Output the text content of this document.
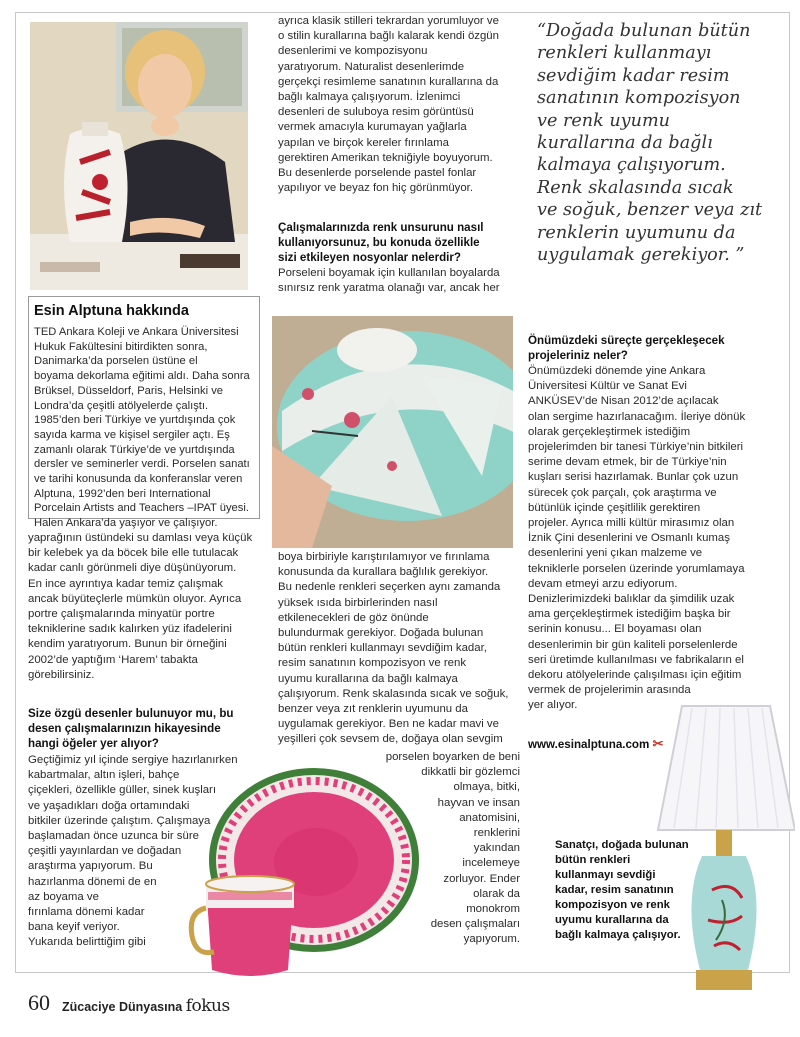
Esin Alptuna hakkında
TED Ankara Koleji ve Ankara Üniversitesi
Hukuk Fakültesini bitirdikten sonra,
Danimarka’da porselen üstüne el
boyama dekorlama eğitimi aldı. Daha sonra
Brüksel, Düsseldorf, Paris, Helsinki ve
Londra’da çeşitli atölyelerde çalıştı.
1985’den beri Türkiye ve yurtdışında çok
sayıda karma ve kişisel sergiler açtı. Eş
zamanlı olarak Türkiye’de ve yurtdışında
dersler ve seminerler verdi. Porselen sanatı
ve tarihi konusunda da konferanslar veren
Alptuna, 1992’den beri International
Porcelain Artists and Teachers –IPAT üyesi.
Halen Ankara’da yaşıyor ve çalışıyor.
ayrıca klasik stilleri tekrardan yorumluyor ve
o stilin kurallarına bağlı kalarak kendi özgün
desenlerimi ve kompozisyonu
yaratıyorum. Naturalist desenlerimde
gerçekçi resimleme sanatının kurallarına da
bağlı kalmaya çalışıyorum. İzlenimci
desenleri de suluboya resim görüntüsü
vermek amacıyla kurumayan yağlarla
yapılan ve birçok kereler fırınlama
gerektiren Amerikan tekniğiyle boyuyorum.
Bu desenlerde porselende pastel fonlar
yapılıyor ve beyaz fon hiç görünmüyor.
Çalışmalarınızda renk unsurunu nasıl
kullanıyorsunuz, bu konuda özellikle
sizi etkileyen nosyonlar nelerdir?
Porseleni boyamak için kullanılan boyalarda
sınırsız renk yaratma olanağı var, ancak her
“Doğada bulunan bütün
renkleri kullanmayı
sevdiğim kadar resim
sanatının kompozisyon
ve renk uyumu
kurallarına da bağlı
kalmaya çalışıyorum.
Renk skalasında sıcak
ve soğuk, benzer veya zıt
renklerin uyumunu da
uygulamak gerekiyor. ”
Önümüzdeki süreçte gerçekleşecek
projeleriniz neler?
Önümüzdeki dönemde yine Ankara
Üniversitesi Kültür ve Sanat Evi
ANKÜSEV’de Nisan 2012’de açılacak
olan sergime hazırlanacağım. İleriye dönük
olarak gerçekleştirmek istediğim
projelerimden bir tanesi Türkiye’nin bitkileri
serime devam etmek, bir de Türkiye’nin
kuşları serisi hazırlamak. Bunlar çok uzun
sürecek çok parçalı, çok araştırma ve
bütünlük içinde çeşitlilik gerektiren
projeler. Ayrıca milli kültür mirasımız olan
İznik Çini desenlerini ve Osmanlı kumaş
desenlerini yeni çıkan malzeme ve
tekniklerle porselen üzerinde yorumlamaya
devam etmeyi arzu ediyorum.
Denizlerimizdeki balıklar da şimdilik uzak
ama gerçekleştirmek istediğim başka bir
serinin konusu... El boyaması olan
desenlerimin bir gün kaliteli porselenlerde
seri üretimde kullanılması ve fabrikaların el
dekoru atölyelerinde çalışılması için eğitim
vermek de projelerimin arasında
yer alıyor.
www.esinalptuna.com ✂
yaprağının üstündeki su damlası veya küçük
bir kelebek ya da böcek bile elle tutulacak
kadar canlı görünmeli diye düşünüyorum.
En ince ayrıntıya kadar temiz çalışmak
ancak büyüteçlerle mümkün oluyor. Ayrıca
portre çalışmalarında minyatür portre
tekniklerine sadık kalırken yüz ifadelerini
kendim yaratıyorum. Bunun bir örneğini
2002’de yaptığım ‘Harem’ tabakta
görebilirsiniz.
Size özgü desenler bulunuyor mu, bu
desen çalışmalarınızın hikayesinde
hangi öğeler yer alıyor?
Geçtiğimiz yıl içinde sergiye hazırlanırken
kabartmalar, altın işleri, bahçe
çiçekleri, özellikle güller, sinek kuşları
ve yaşadıkları doğa ortamındaki
bitkiler üzerinde çalıştım. Çalışmaya
başlamadan önce uzunca bir süre
çeşitli yayınlardan ve doğadan
araştırma yapıyorum. Bu
hazırlanma dönemi de en
az boyama ve
fırınlama dönemi kadar
bana keyif veriyor.
Yukarıda belirttiğim gibi
boya birbiriyle karıştırılamıyor ve fırınlama
konusunda da kurallara bağlılık gerekiyor.
Bu nedenle renkleri seçerken aynı zamanda
yüksek ısıda birbirlerinden nasıl
etkilenecekleri de göz önünde
bulundurmak gerekiyor. Doğada bulunan
bütün renkleri kullanmayı sevdiğim kadar,
resim sanatının kompozisyon ve renk
uyumu kurallarına da bağlı kalmaya
çalışıyorum. Renk skalasında sıcak ve soğuk,
benzer veya zıt renklerin uyumunu da
uygulamak gerekiyor. Ben ne kadar mavi ve
yeşilleri çok sevsem de, doğaya olan sevgim
porselen boyarken de beni
dikkatli bir gözlemci
olmaya, bitki,
hayvan ve insan
anatomisini,
renklerini
yakından
incelemeye
zorluyor. Ender
olarak da
monokrom
desen çalışmaları
yapıyorum.
Sanatçı, doğada bulunan
bütün renkleri
kullanmayı sevdiği
kadar, resim sanatının
kompozisyon ve renk
uyumu kurallarına da
bağlı kalmaya çalışıyor.
60 Zücaciye Dünyasına fokus
